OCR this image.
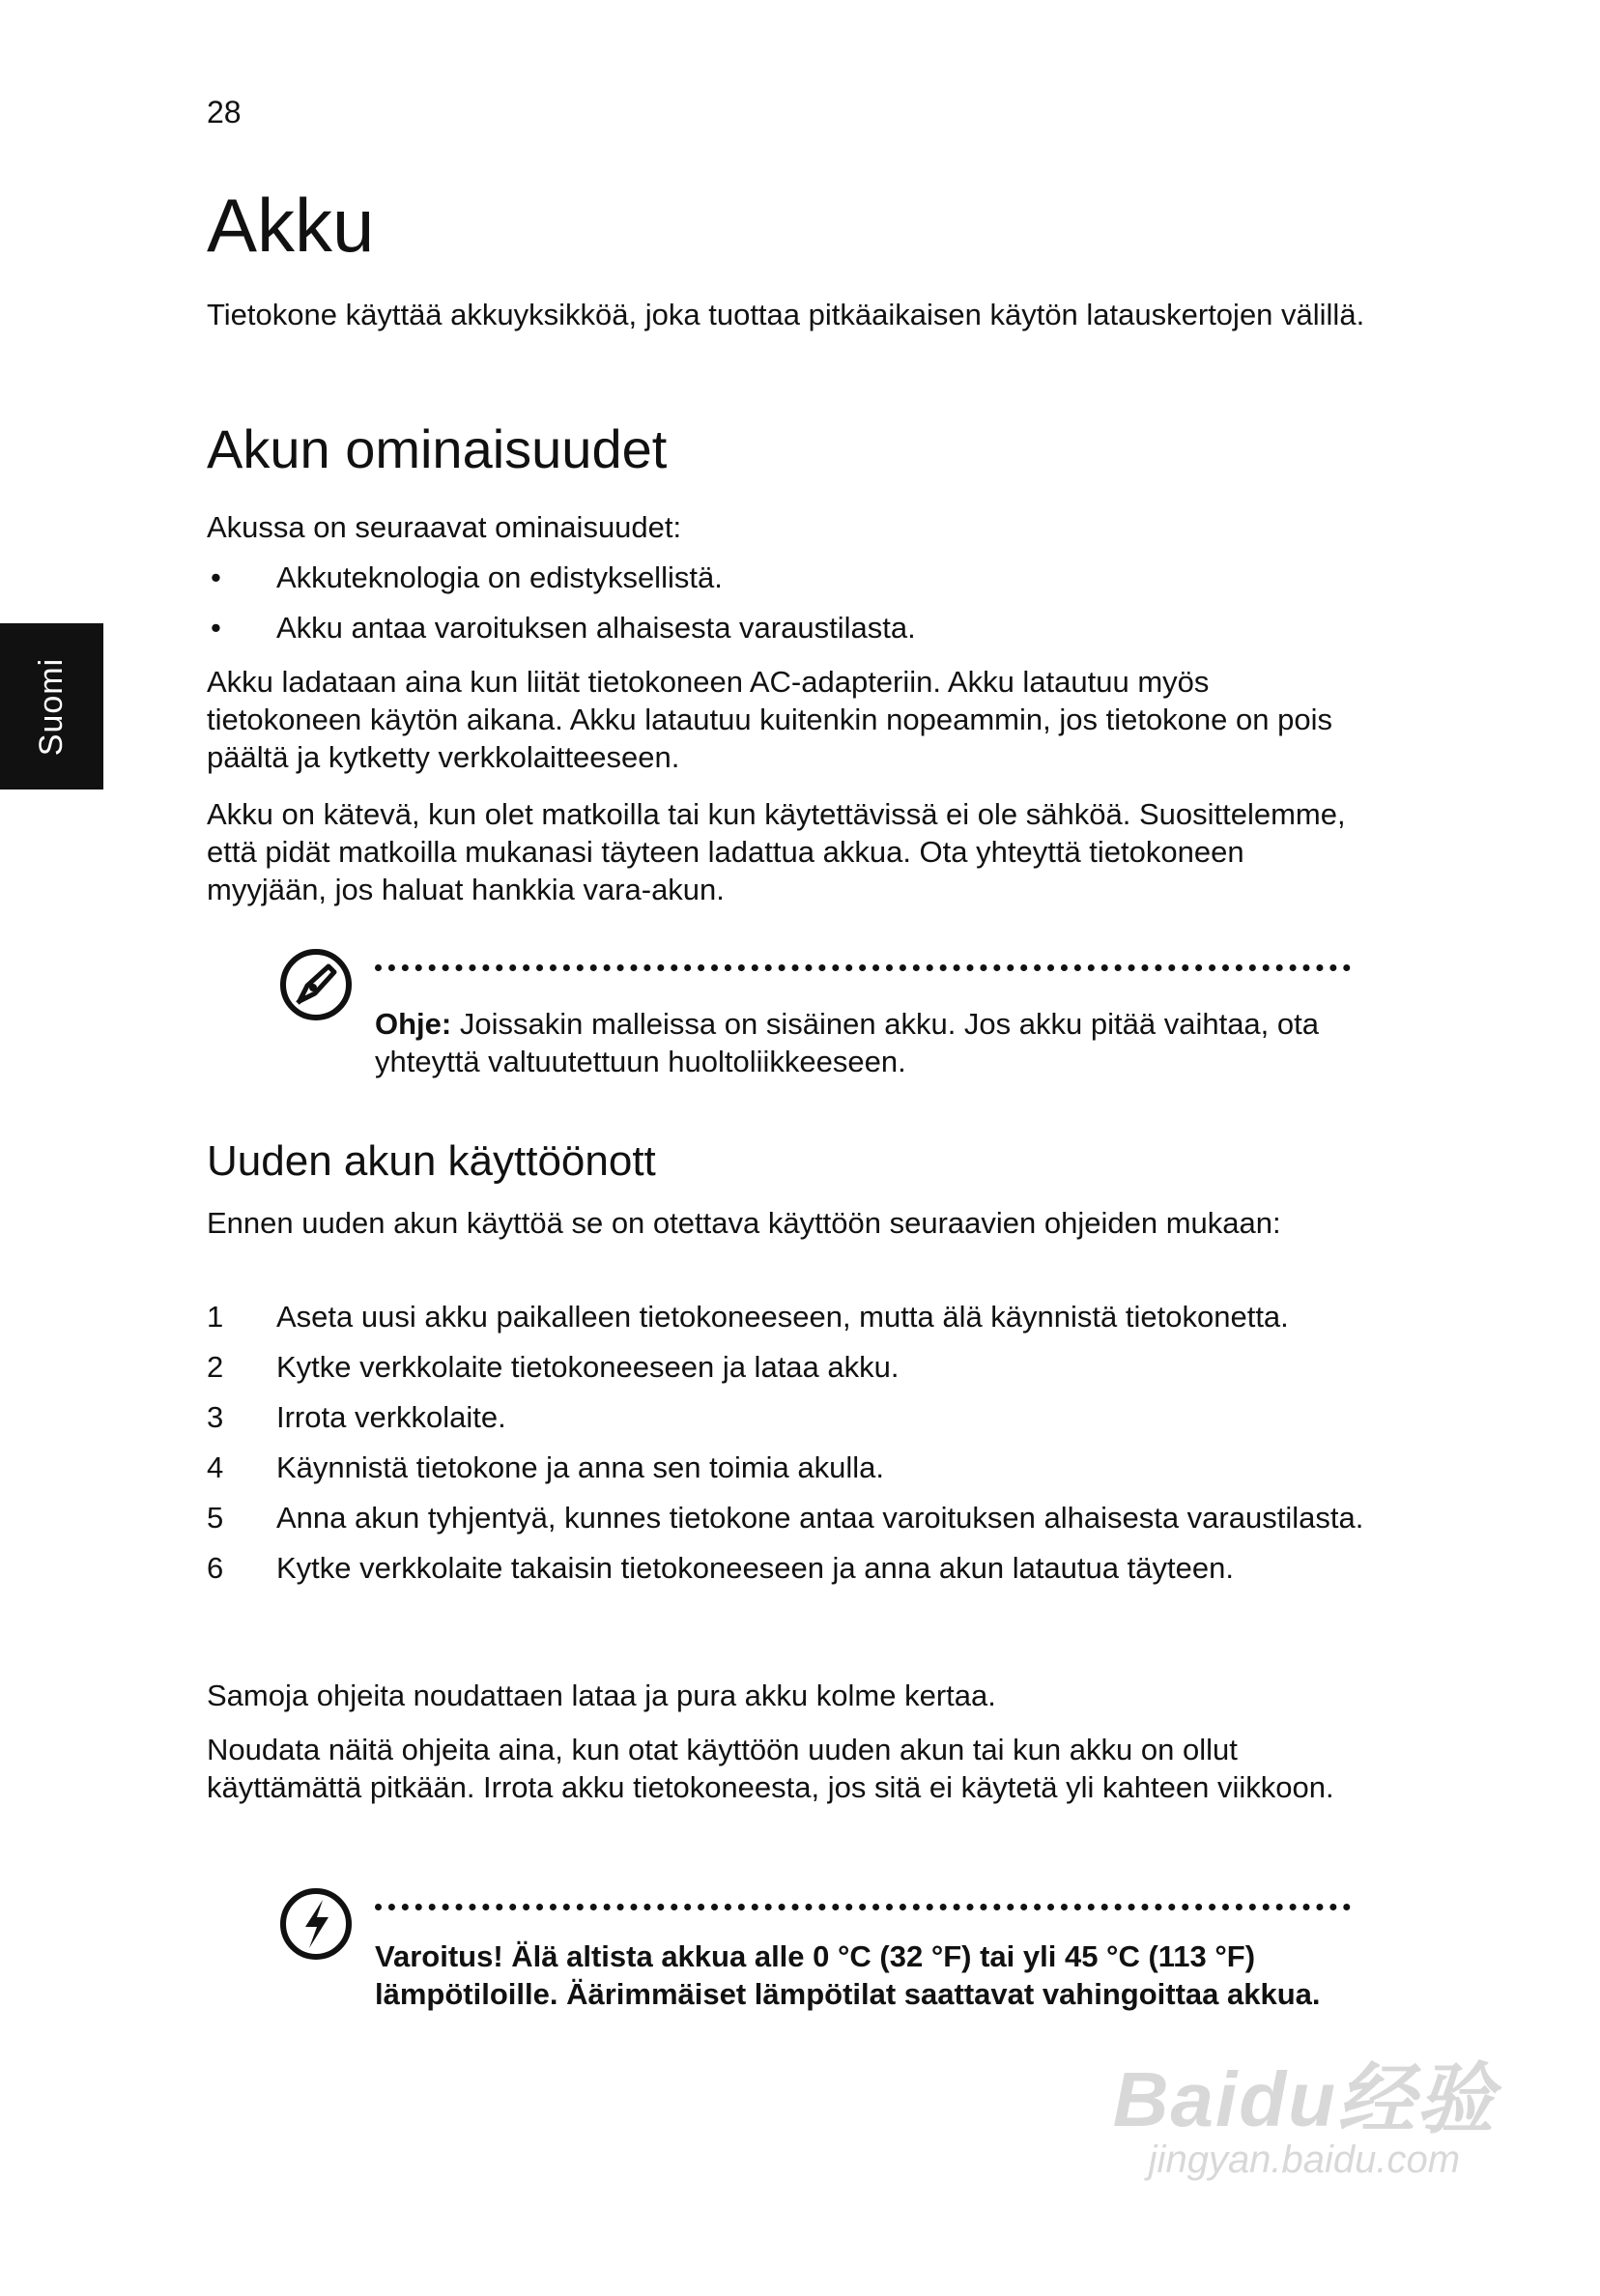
28
Suomi
Akku

Tietokone käyttää akkuyksikköä, joka tuottaa pitkäaikaisen käytön latauskertojen välillä.

Akun ominaisuudet

Akussa on seuraavat ominaisuudet:

• Akkuteknologia on edistyksellistä.
• Akku antaa varoituksen alhaisesta varaustilasta.

Akku ladataan aina kun liität tietokoneen AC-adapteriin. Akku latautuu myös tietokoneen käytön aikana. Akku latautuu kuitenkin nopeammin, jos tietokone on pois päältä ja kytketty verkkolaitteeseen.

Akku on kätevä, kun olet matkoilla tai kun käytettävissä ei ole sähköä. Suosittelemme, että pidät matkoilla mukanasi täyteen ladattua akkua. Ota yhteyttä tietokoneen myyjään, jos haluat hankkia vara-akun.

Ohje: Joissakin malleissa on sisäinen akku. Jos akku pitää vaihtaa, ota yhteyttä valtuutettuun huoltoliikkeeseen.

Uuden akun käyttöönott

Ennen uuden akun käyttöä se on otettava käyttöön seuraavien ohjeiden mukaan:

1 Aseta uusi akku paikalleen tietokoneeseen, mutta älä käynnistä tietokonetta.
2 Kytke verkkolaite tietokoneeseen ja lataa akku.
3 Irrota verkkolaite.
4 Käynnistä tietokone ja anna sen toimia akulla.
5 Anna akun tyhjentyä, kunnes tietokone antaa varoituksen alhaisesta varaustilasta.
6 Kytke verkkolaite takaisin tietokoneeseen ja anna akun latautua täyteen.

Samoja ohjeita noudattaen lataa ja pura akku kolme kertaa.

Noudata näitä ohjeita aina, kun otat käyttöön uuden akun tai kun akku on ollut käyttämättä pitkään. Irrota akku tietokoneesta, jos sitä ei käytetä yli kahteen viikkoon.

Varoitus! Älä altista akkua alle 0 °C (32 °F) tai yli 45 °C (113 °F) lämpötiloille. Äärimmäiset lämpötilat saattavat vahingoittaa akkua.

Baidu经验
jingyan.baidu.com
